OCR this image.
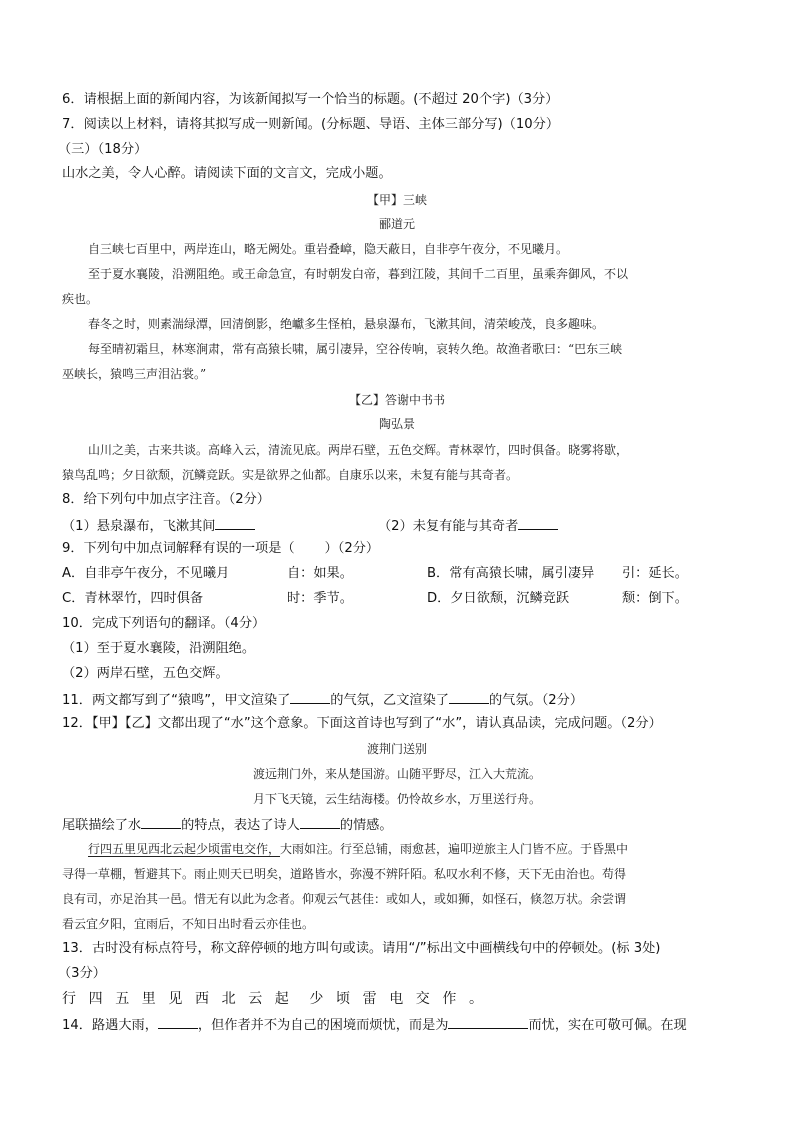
6．请根据上面的新闻内容，为该新闻拟写一个恰当的标题。(不超过 20个字)（3分）
7．阅读以上材料，请将其拟写成一则新闻。(分标题、导语、主体三部分写)（10分）
（三）（18分）
山水之美，令人心醉。请阅读下面的文言文，完成小题。
【甲】三峡
郦道元
自三峡七百里中，两岸连山，略无阙处。重岩叠嶂，隐天蔽日，自非亭午夜分，不见曦月。
至于夏水襄陵，沿溯阻绝。或王命急宣，有时朝发白帝，暮到江陵，其间千二百里，虽乘奔御风，不以
疾也。
春冬之时，则素湍绿潭，回清倒影，绝巘多生怪柏，悬泉瀑布，飞漱其间，清荣峻茂，良多趣味。
每至晴初霜旦，林寒涧肃，常有高猿长啸，属引凄异，空谷传响，哀转久绝。故渔者歌曰：“巴东三峡
巫峡长，猿鸣三声泪沾裳。”
【乙】答谢中书书
陶弘景
山川之美，古来共谈。高峰入云，清流见底。两岸石壁，五色交辉。青林翠竹，四时俱备。晓雾将歇，
猿鸟乱鸣；夕日欲颓，沉鳞竞跃。实是欲界之仙都。自康乐以来，未复有能与其奇者。
8．给下列句中加点字注音。（2分）
（1）悬泉瀑布，飞漱其间	（2）未复有能与其奇者
9．下列句中加点词解释有误的一项是（ ）（2分）
A．自非亭午夜分，不见曦月	自：如果。	B．常有高猿长啸，属引凄异 引：延长。
C．青林翠竹，四时俱备	时：季节。	D．夕日欲颓，沉鳞竞跃	颓：倒下。
10．完成下列语句的翻译。（4分）
（1）至于夏水襄陵，沿溯阻绝。
（2）两岸石壁，五色交辉。
11．两文都写到了“猿鸣”，甲文渲染了	的气氛，乙文渲染了	的气氛。（2分）
12．【甲】【乙】文都出现了“水”这个意象。下面这首诗也写到了“水”，请认真品读，完成问题。（2分）
渡荆门送别
渡远荆门外，来从楚国游。山随平野尽，江入大荒流。
月下飞天镜，云生结海楼。仍怜故乡水，万里送行舟。
尾联描绘了水	的特点，表达了诗人	的情感。
行四五里见西北云起少顷雷电交作，大雨如注。行至总铺，雨愈甚，遍叩逆旅主人门皆不应。于昏黑中
寻得一草棚，暂避其下。雨止则天已明矣，道路皆水，弥漫不辨阡陌。私叹水利不修，天下无由治也。苟得
良有司，亦足治其一邑。惜无有以此为念者。仰观云气甚佳：或如人，或如狮，如怪石，倏忽万状。余尝谓
看云宜夕阳，宜雨后，不知日出时看云亦佳也。
13．古时没有标点符号，称文辞停顿的地方叫句或读。请用“/”标出文中画横线句中的停顿处。(标 3处)
（3分）
行四五里见西北云起 少顷雷电交作。
14．路遇大雨，	，但作者并不为自己的困境而烦忧，而是为	而忧，实在可敬可佩。在现
